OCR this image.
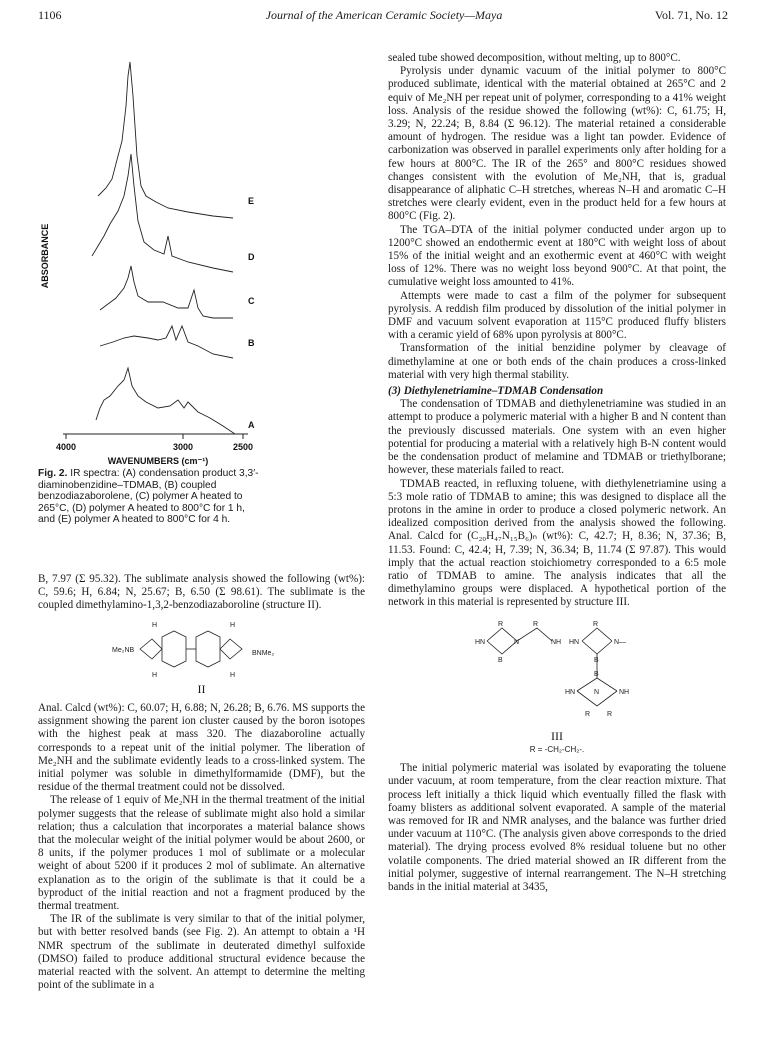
1106	Journal of the American Ceramic Society—Maya	Vol. 71, No. 12
ABSORBANCE
E
D
C
B
A
4000	3000	2500
WAVENUMBERS (cm⁻¹)
Fig. 2. IR spectra: (A) condensation product 3,3′-diaminobenzidine–TDMAB, (B) coupled benzodiazaborolene, (C) polymer A heated to 265°C, (D) polymer A heated to 800°C for 1 h, and (E) polymer A heated to 800°C for 4 h.

B, 7.97 (Σ 95.32). The sublimate analysis showed the following (wt%): C, 59.6; H, 6.84; N, 25.67; B, 6.50 (Σ 98.61). The sublimate is the coupled dimethylamino-1,3,2-benzodiazaboroline (structure II).

Me₂NB	BNMe₂
H
H
H
H
II

Anal. Calcd (wt%): C, 60.07; H, 6.88; N, 26.28; B, 6.76. MS supports the assignment showing the parent ion cluster caused by the boron isotopes with the highest peak at mass 320. The diazaboroline actually corresponds to a repeat unit of the initial polymer. The liberation of Me₂NH and the sublimate evidently leads to a cross-linked system. The initial polymer was soluble in dimethylformamide (DMF), but the residue of the thermal treatment could not be dissolved.

The release of 1 equiv of Me₂NH in the thermal treatment of the initial polymer suggests that the release of sublimate might also hold a similar relation; thus a calculation that incorporates a material balance shows that the molecular weight of the initial polymer would be about 2600, or 8 units, if the polymer produces 1 mol of sublimate or a molecular weight of about 5200 if it produces 2 mol of sublimate. An alternative explanation as to the origin of the sublimate is that it could be a byproduct of the initial reaction and not a fragment produced by the thermal treatment.

The IR of the sublimate is very similar to that of the initial polymer, but with better resolved bands (see Fig. 2). An attempt to obtain a ¹H NMR spectrum of the sublimate in deuterated dimethyl sulfoxide (DMSO) failed to produce additional structural evidence because the material reacted with the solvent. An attempt to determine the melting point of the sublimate in a

sealed tube showed decomposition, without melting, up to 800°C.

Pyrolysis under dynamic vacuum of the initial polymer to 800°C produced sublimate, identical with the material obtained at 265°C and 2 equiv of Me₂NH per repeat unit of polymer, corresponding to a 41% weight loss. Analysis of the residue showed the following (wt%): C, 61.75; H, 3.29; N, 22.24; B, 8.84 (Σ 96.12). The material retained a considerable amount of hydrogen. The residue was a light tan powder. Evidence of carbonization was observed in parallel experiments only after holding for a few hours at 800°C. The IR of the 265° and 800°C residues showed changes consistent with the evolution of Me₂NH, that is, gradual disappearance of aliphatic C–H stretches, whereas N–H and aromatic C–H stretches were clearly evident, even in the product held for a few hours at 800°C (Fig. 2).

The TGA–DTA of the initial polymer conducted under argon up to 1200°C showed an endothermic event at 180°C with weight loss of about 15% of the initial weight and an exothermic event at 460°C with weight loss of 12%. There was no weight loss beyond 900°C. At that point, the cumulative weight loss amounted to 41%.

Attempts were made to cast a film of the polymer for subsequent pyrolysis. A reddish film produced by dissolution of the initial polymer in DMF and vacuum solvent evaporation at 115°C produced fluffy blisters with a ceramic yield of 68% upon pyrolysis at 800°C.

Transformation of the initial benzidine polymer by cleavage of dimethylamine at one or both ends of the chain produces a cross-linked material with very high thermal stability.

(3) Diethylenetriamine–TDMAB Condensation

The condensation of TDMAB and diethylenetriamine was studied in an attempt to produce a polymeric material with a higher B and N content than the previously discussed materials. One system with an even higher potential for producing a material with a relatively high B-N content would be the condensation product of melamine and TDMAB or triethylborane; however, these materials failed to react.

TDMAB reacted, in refluxing toluene, with diethylenetriamine using a 5:3 mole ratio of TDMAB to amine; this was designed to displace all the protons in the amine in order to produce a closed polymeric network. An idealized composition derived from the analysis showed the following. Anal. Calcd for (C₂₀H₄₇N₁₅B₆)ₙ (wt%): C, 42.7; H, 8.36; N, 37.36; B, 11.53. Found: C, 42.4; H, 7.39; N, 36.34; B, 11.74 (Σ 97.87). This would imply that the actual reaction stoichiometry corresponded to a 6:5 mole ratio of TDMAB to amine. The analysis indicates that all the dimethylamino groups were displaced. A hypothetical portion of the network in this material is represented by structure III.

R	R
HN	N	NH
B
R
HN	N—
B
B
HN	N	NH
R R
III
R = -CH₂-CH₂-.

The initial polymeric material was isolated by evaporating the toluene under vacuum, at room temperature, from the clear reaction mixture. That process left initially a thick liquid which eventually filled the flask with foamy blisters as additional solvent evaporated. A sample of the material was removed for IR and NMR analyses, and the balance was further dried under vacuum at 110°C. (The analysis given above corresponds to the dried material). The drying process evolved 8% residual toluene but no other volatile components. The dried material showed an IR different from the initial polymer, suggestive of internal rearrangement. The N–H stretching bands in the initial material at 3435,
